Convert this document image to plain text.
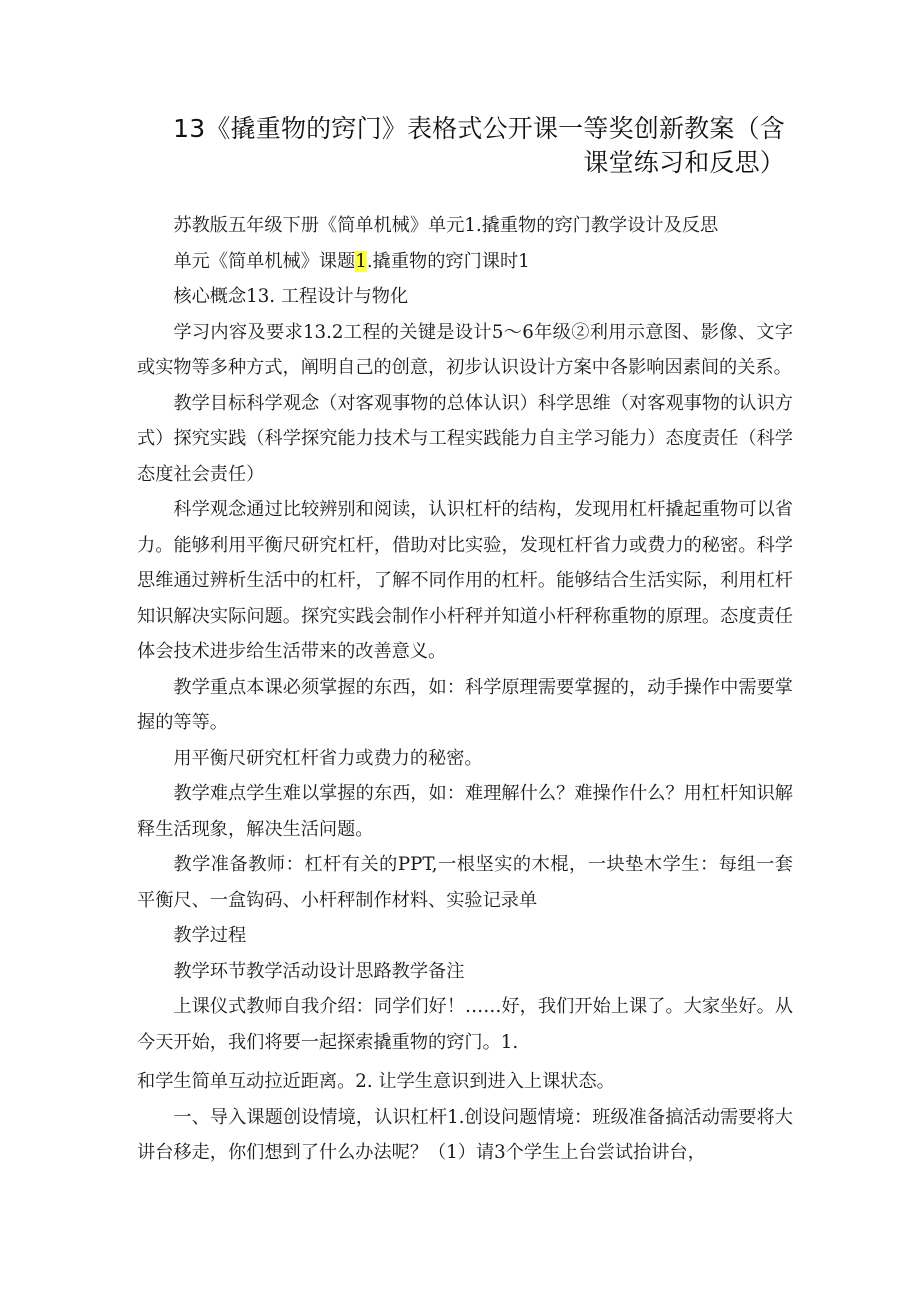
13《撬重物的窍门》表格式公开课一等奖创新教案（含课堂练习和反思）

苏教版五年级下册《简单机械》单元1.撬重物的窍门教学设计及反思

单元《简单机械》课题1.撬重物的窍门课时1

核心概念13. 工程设计与物化

学习内容及要求13.2工程的关键是设计5～6年级②利用示意图、影像、文字或实物等多种方式，阐明自己的创意，初步认识设计方案中各影响因素间的关系。

教学目标科学观念（对客观事物的总体认识）科学思维（对客观事物的认识方式）探究实践（科学探究能力技术与工程实践能力自主学习能力）态度责任（科学态度社会责任）

科学观念通过比较辨别和阅读，认识杠杆的结构，发现用杠杆撬起重物可以省力。能够利用平衡尺研究杠杆，借助对比实验，发现杠杆省力或费力的秘密。科学思维通过辨析生活中的杠杆，了解不同作用的杠杆。能够结合生活实际，利用杠杆知识解决实际问题。探究实践会制作小杆秤并知道小杆秤称重物的原理。态度责任体会技术进步给生活带来的改善意义。

教学重点本课必须掌握的东西，如：科学原理需要掌握的，动手操作中需要掌握的等等。

用平衡尺研究杠杆省力或费力的秘密。

教学难点学生难以掌握的东西，如：难理解什么？难操作什么？用杠杆知识解释生活现象，解决生活问题。

教学准备教师：杠杆有关的PPT,一根坚实的木棍，一块垫木学生：每组一套平衡尺、一盒钩码、小杆秤制作材料、实验记录单

教学过程

教学环节教学活动设计思路教学备注

上课仪式教师自我介绍：同学们好！……好，我们开始上课了。大家坐好。从今天开始，我们将要一起探索撬重物的窍门。1.

和学生简单互动拉近距离。2. 让学生意识到进入上课状态。

一、导入课题创设情境，认识杠杆1.创设问题情境：班级准备搞活动需要将大讲台移走，你们想到了什么办法呢？（1）请3个学生上台尝试抬讲台，
